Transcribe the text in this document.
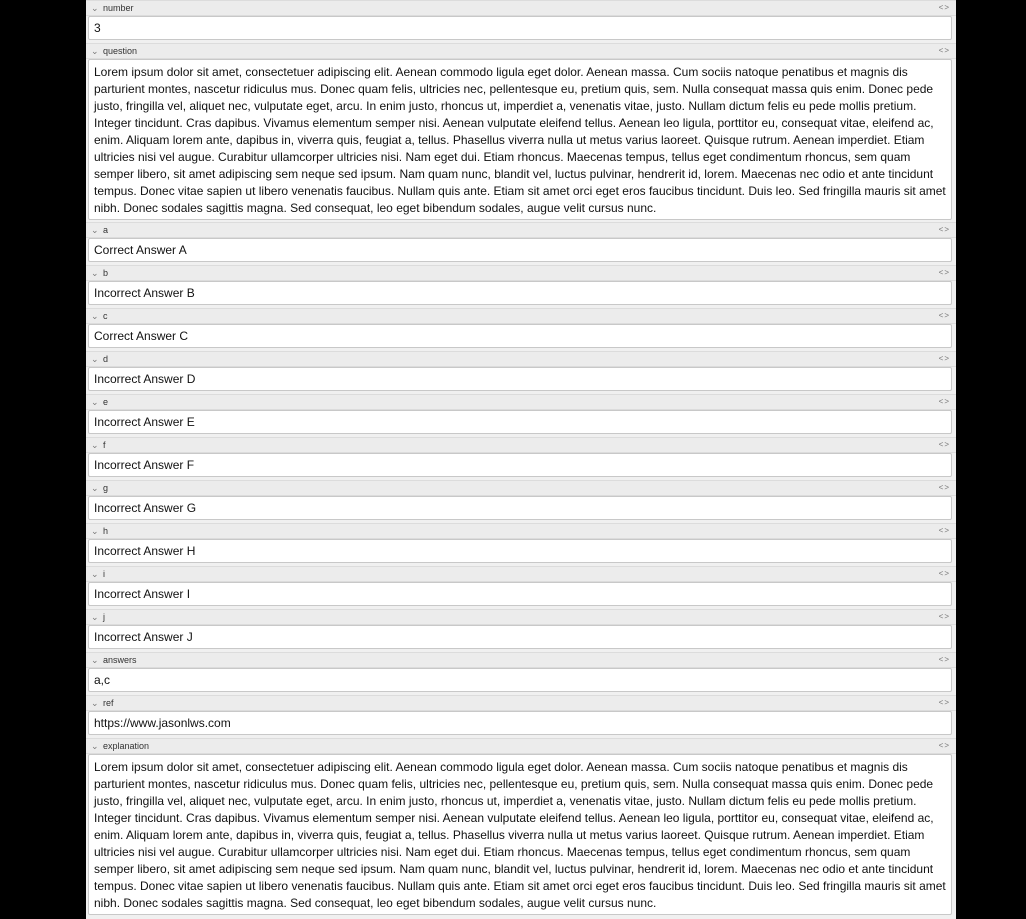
⌄ number	<>
3
⌄ question	<>
Lorem ipsum dolor sit amet, consectetuer adipiscing elit. Aenean commodo ligula eget dolor. Aenean massa. Cum sociis natoque penatibus et magnis dis parturient montes, nascetur ridiculus mus. Donec quam felis, ultricies nec, pellentesque eu, pretium quis, sem. Nulla consequat massa quis enim. Donec pede justo, fringilla vel, aliquet nec, vulputate eget, arcu. In enim justo, rhoncus ut, imperdiet a, venenatis vitae, justo. Nullam dictum felis eu pede mollis pretium. Integer tincidunt. Cras dapibus. Vivamus elementum semper nisi. Aenean vulputate eleifend tellus. Aenean leo ligula, porttitor eu, consequat vitae, eleifend ac, enim. Aliquam lorem ante, dapibus in, viverra quis, feugiat a, tellus. Phasellus viverra nulla ut metus varius laoreet. Quisque rutrum. Aenean imperdiet. Etiam ultricies nisi vel augue. Curabitur ullamcorper ultricies nisi. Nam eget dui. Etiam rhoncus. Maecenas tempus, tellus eget condimentum rhoncus, sem quam semper libero, sit amet adipiscing sem neque sed ipsum. Nam quam nunc, blandit vel, luctus pulvinar, hendrerit id, lorem. Maecenas nec odio et ante tincidunt tempus. Donec vitae sapien ut libero venenatis faucibus. Nullam quis ante. Etiam sit amet orci eget eros faucibus tincidunt. Duis leo. Sed fringilla mauris sit amet nibh. Donec sodales sagittis magna. Sed consequat, leo eget bibendum sodales, augue velit cursus nunc.
⌄ a	<>
Correct Answer A
⌄ b	<>
Incorrect Answer B
⌄ c	<>
Correct Answer C
⌄ d	<>
Incorrect Answer D
⌄ e	<>
Incorrect Answer E
⌄ f	<>
Incorrect Answer F
⌄ g	<>
Incorrect Answer G
⌄ h	<>
Incorrect Answer H
⌄ i	<>
Incorrect Answer I
⌄ j	<>
Incorrect Answer J
⌄ answers	<>
a,c
⌄ ref	<>
https://www.jasonlws.com
⌄ explanation	<>
Lorem ipsum dolor sit amet, consectetuer adipiscing elit. Aenean commodo ligula eget dolor. Aenean massa. Cum sociis natoque penatibus et magnis dis parturient montes, nascetur ridiculus mus. Donec quam felis, ultricies nec, pellentesque eu, pretium quis, sem. Nulla consequat massa quis enim. Donec pede justo, fringilla vel, aliquet nec, vulputate eget, arcu. In enim justo, rhoncus ut, imperdiet a, venenatis vitae, justo. Nullam dictum felis eu pede mollis pretium. Integer tincidunt. Cras dapibus. Vivamus elementum semper nisi. Aenean vulputate eleifend tellus. Aenean leo ligula, porttitor eu, consequat vitae, eleifend ac, enim. Aliquam lorem ante, dapibus in, viverra quis, feugiat a, tellus. Phasellus viverra nulla ut metus varius laoreet. Quisque rutrum. Aenean imperdiet. Etiam ultricies nisi vel augue. Curabitur ullamcorper ultricies nisi. Nam eget dui. Etiam rhoncus. Maecenas tempus, tellus eget condimentum rhoncus, sem quam semper libero, sit amet adipiscing sem neque sed ipsum. Nam quam nunc, blandit vel, luctus pulvinar, hendrerit id, lorem. Maecenas nec odio et ante tincidunt tempus. Donec vitae sapien ut libero venenatis faucibus. Nullam quis ante. Etiam sit amet orci eget eros faucibus tincidunt. Duis leo. Sed fringilla mauris sit amet nibh. Donec sodales sagittis magna. Sed consequat, leo eget bibendum sodales, augue velit cursus nunc.
